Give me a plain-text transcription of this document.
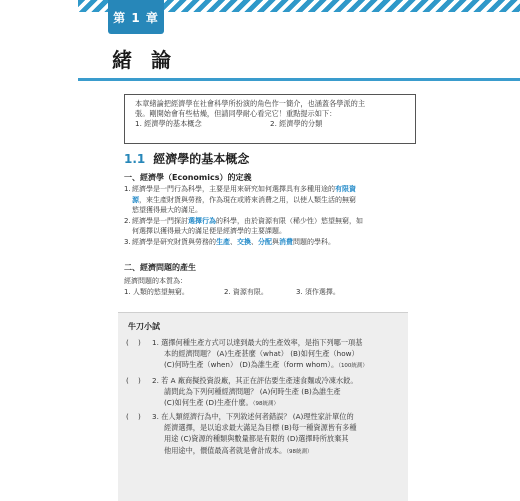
第 1 章
緒 論
本章緒論把經濟學在社會科學所扮演的角色作一簡介，也涵蓋各學派的主
張。剛開始會有些枯燥，但請同學耐心看完它！重點提示如下：
1. 經濟學的基本概念	2. 經濟學的分類
1.1 經濟學的基本概念
一、經濟學（Economics）的定義
1. 經濟學是一門行為科學，主要是用來研究如何選擇具有多種用途的有限資
源，來生產財貨與勞務，作為現在或將來消費之用，以使人類生活的無窮
慾望獲得最大的滿足。
2. 經濟學是一門探討選擇行為的科學，由於資源有限（稀少性）慾望無窮，如
何選擇以獲得最大的滿足便是經濟學的主要課題。
3. 經濟學是研究財貨與勞務的生產、交換、分配與消費問題的學科。
二、經濟問題的產生
經濟問題的本質為：
1. 人類的慾望無窮。	2. 資源有限。	3. 須作選擇。
牛刀小試
(    ) 1. 選擇何種生產方式可以達到最大的生產效率，是指下列哪一項基
本的經濟問題？ (A)生產甚麼（what） (B)如何生產（how）
(C)何時生產（when） (D)為誰生產（form whom）。（100統測）
(    ) 2. 若 A 廠商擬投資設廠，其正在評估要生產速食麵或冷凍水餃。
請問此為下列何種經濟問題？ (A)何時生產 (B)為誰生產
(C)如何生產 (D)生產什麼。（98統測）
(    ) 3. 在人類經濟行為中，下列敘述何者錯誤？ (A)理性家計單位的
經濟選擇，是以追求最大滿足為目標 (B)每一種資源皆有多種
用途 (C)資源的種類與數量都是有限的 (D)選擇時所放棄其
他用途中，價值最高者就是會計成本。（98統測）
